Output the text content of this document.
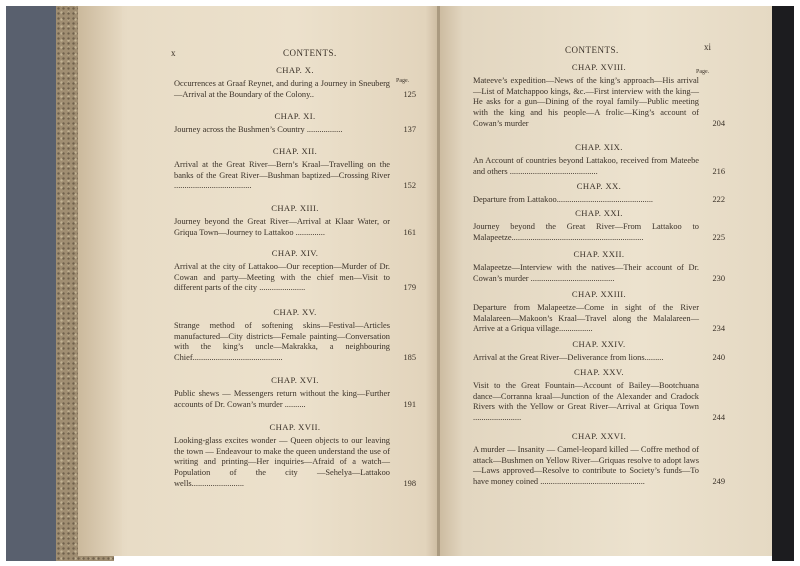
x	CONTENTS.
Page.
CHAP. X.
Occurrences at Graaf Reynet, and during a Journey in Sneuberg—Arrival at the Boundary of the Colony..	125
CHAP. XI.
Journey across the Bushmen’s Country .................	137
CHAP. XII.
Arrival at the Great River—Bern’s Kraal—Travelling on the banks of the Great River—Bushman baptized—Crossing River .....................................	152
CHAP. XIII.
Journey beyond the Great River—Arrival at Klaar Water, or Griqua Town—Journey to Lattakoo ..............	161
CHAP. XIV.
Arrival at the city of Lattakoo—Our reception—Murder of Dr. Cowan and party—Meeting with the chief men—Visit to different parts of the city ......................	179
CHAP. XV.
Strange method of softening skins—Festival—Articles manufactured—City districts—Female painting—Conversation with the king’s uncle—Makrakka, a neighbouring Chief...........................................	185
CHAP. XVI.
Public shews — Messengers return without the king—Further accounts of Dr. Cowan’s murder ..........	191
CHAP. XVII.
Looking-glass excites wonder — Queen objects to our leaving the town — Endeavour to make the queen understand the use of writing and printing—Her inquiries—Afraid of a watch—Population of the city —Sehelya—Lattakoo wells.........................	198
CONTENTS.	xi
Page.
CHAP. XVIII.
Mateeve’s expedition—News of the king’s approach—His arrival—List of Matchappoo kings, &c.—First interview with the king—He asks for a gun—Dining of the royal family—Public meeting with the king and his people—A frolic—King’s account of Cowan’s murder	204
CHAP. XIX.
An Account of countries beyond Lattakoo, received from Mateebe and others ..........................................	216
CHAP. XX.
Departure from Lattakoo..............................................	222
CHAP. XXI.
Journey beyond the Great River—From Lattakoo to Malapeetze...............................................................	225
CHAP. XXII.
Malapeetze—Interview with the natives—Their account of Dr. Cowan’s murder ........................................	230
CHAP. XXIII.
Departure from Malapeetze—Come in sight of the River Malalareen—Makoon’s Kraal—Travel along the Malalareen—Arrive at a Griqua village................	234
CHAP. XXIV.
Arrival at the Great River—Deliverance from lions.........	240
CHAP. XXV.
Visit to the Great Fountain—Account of Bailey—Bootchuana dance—Corranna kraal—Junction of the Alexander and Cradock Rivers with the Yellow or Great River—Arrival at Griqua Town .......................	244
CHAP. XXVI.
A murder — Insanity — Camel-leopard killed — Coffre method of attack—Bushmen on Yellow River—Griquas resolve to adopt laws—Laws approved—Resolve to contribute to Society’s funds—To have money coined ..................................................	249
